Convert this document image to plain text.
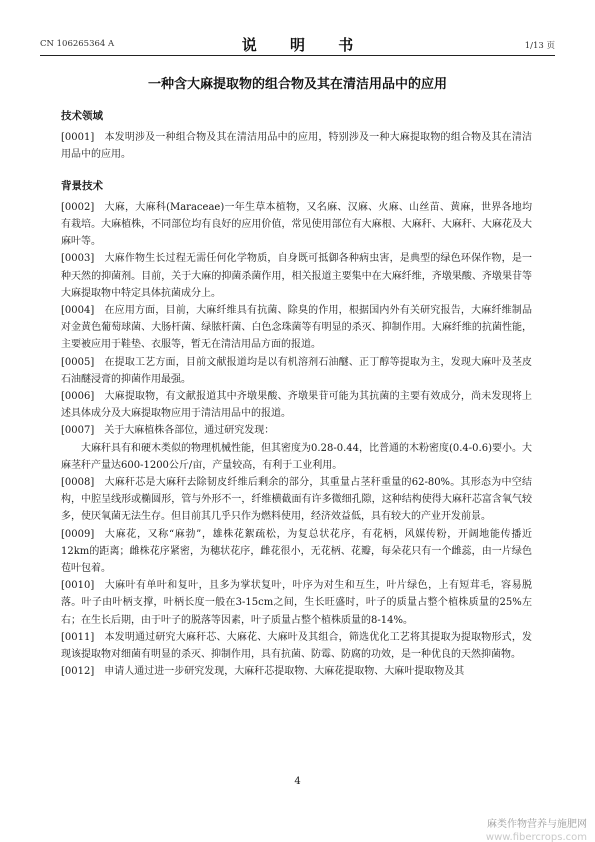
CN 106265364 A	说 明 书	1/13 页
一种含大麻提取物的组合物及其在清洁用品中的应用
技术领域
[0001] 本发明涉及一种组合物及其在清洁用品中的应用，特别涉及一种大麻提取物的组合物及其在清洁用品中的应用。
背景技术
[0002] 大麻，大麻科(Maraceae)一年生草本植物，又名麻、汉麻、火麻、山丝苗、黄麻，世界各地均有栽培。大麻植株，不同部位均有良好的应用价值，常见使用部位有大麻根、大麻秆、大麻秆、大麻花及大麻叶等。
[0003] 大麻作物生长过程无需任何化学物质，自身既可抵御各种病虫害，是典型的绿色环保作物，是一种天然的抑菌剂。目前，关于大麻的抑菌杀菌作用，相关报道主要集中在大麻纤维，齐墩果酸、齐墩果苷等大麻提取物中特定具体抗菌成分上。
[0004] 在应用方面，目前，大麻纤维具有抗菌、除臭的作用，根据国内外有关研究报告，大麻纤维制品对金黄色葡萄球菌、大肠杆菌、绿脓杆菌、白色念珠菌等有明显的杀灭、抑制作用。大麻纤维的抗菌性能，主要被应用于鞋垫、衣服等，暂无在清洁用品方面的报道。
[0005] 在提取工艺方面，目前文献报道均是以有机溶剂石油醚、正丁醇等提取为主，发现大麻叶及茎皮石油醚浸膏的抑菌作用最强。
[0006] 大麻提取物，有文献报道其中齐墩果酸、齐墩果苷可能为其抗菌的主要有效成分，尚未发现将上述具体成分及大麻提取物应用于清洁用品中的报道。
[0007] 关于大麻植株各部位，通过研究发现：
大麻秆具有和硬木类似的物理机械性能，但其密度为0.28-0.44，比普通的木粉密度(0.4-0.6)要小。大麻茎秆产量达600-1200公斤/亩，产量较高，有利于工业利用。
[0008] 大麻秆芯是大麻秆去除韧皮纤维后剩余的部分，其重量占茎秆重量的62-80%。其形态为中空结构，中腔呈线形或椭圆形，管与外形不一，纤维横截面有许多微细孔隙，这种结构使得大麻秆芯富含氧气较多，使厌氧菌无法生存。但目前其几乎只作为燃料使用，经济效益低，具有较大的产业开发前景。
[0009] 大麻花，又称“麻勃”，雄株花絮疏松，为复总状花序，有花柄，风媒传粉，开阔地能传播近12km的距离；雌株花序紧密，为穗状花序，雌花很小，无花柄、花瓣，每朵花只有一个雌蕊，由一片绿色苞叶包着。
[0010] 大麻叶有单叶和复叶，且多为掌状复叶，叶序为对生和互生，叶片绿色，上有短茸毛，容易脱落。叶子由叶柄支撑，叶柄长度一般在3-15cm之间，生长旺盛时，叶子的质量占整个植株质量的25%左右；在生长后期，由于叶子的脱落等因素，叶子质量占整个植株质量的8-14%。
[0011] 本发明通过研究大麻秆芯、大麻花、大麻叶及其组合，筛选优化工艺将其提取为提取物形式，发现该提取物对细菌有明显的杀灭、抑制作用，具有抗菌、防霉、防腐的功效，是一种优良的天然抑菌物。
[0012] 申请人通过进一步研究发现，大麻秆芯提取物、大麻花提取物、大麻叶提取物及其
4
麻类作物营养与施肥网
www.fibercrops.com
